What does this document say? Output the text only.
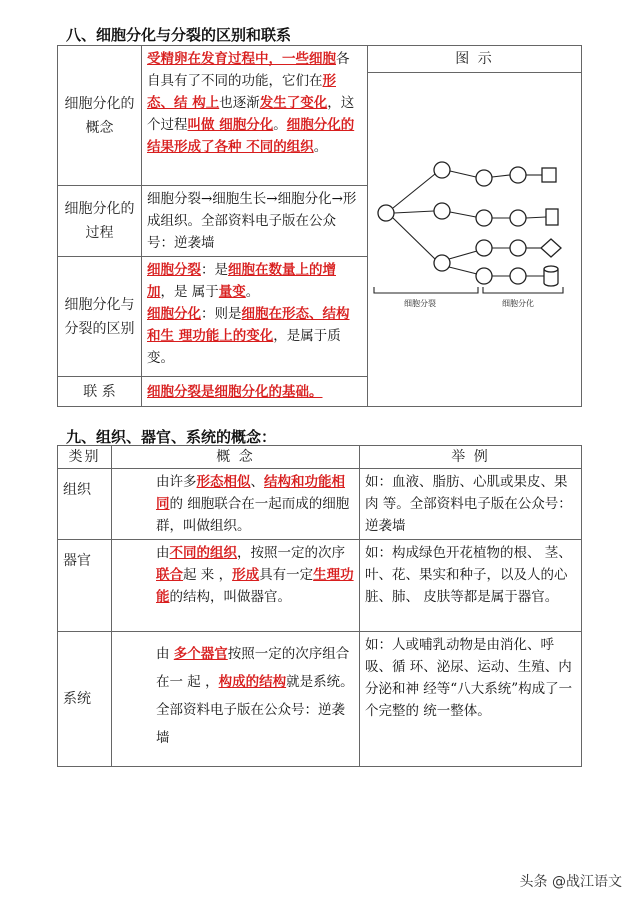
八、细胞分化与分裂的区别和联系
细胞分化的概念	受精卵在发育过程中，一些细胞各 自具有了不同的功能，它们在形态、结 构上也逐渐发生了变化，这个过程叫做 细胞分化。细胞分化的结果形成了各种 不同的组织。	图 示
细胞分裂 细胞分化

细胞分化的过程	细胞分裂→细胞生长→细胞分化→形 成组织。全部资料电子版在公众号：逆袭墙	
细胞分化与分裂的区别	细胞分裂：是细胞在数量上的增加，是 属于量变。
细胞分化：则是细胞在形态、结构和生 理功能上的变化，是属于质变。	
联 系	细胞分裂是细胞分化的基础。	
九、组织、器官、系统的概念：
类别	概 念	举 例
组织	由许多形态相似、结构和功能相同的 细胞联合在一起而成的细胞群，叫做组织。	如：血液、脂肪、心肌或果皮、果肉 等。全部资料电子版在公众号：逆袭墙
器官	由不同的组织，按照一定的次序联合起 来 ，形成具有一定生理功能的结构，叫做器官。	如：构成绿色开花植物的根、 茎、叶、花、果实和种子，以及人的心脏、肺、 皮肤等都是属于器官。
系统	由 多个器官按照一定的次序组合在一 起 ，构成的结构就是系统。全部资料电子版在公众号：逆袭墙	如：人或哺乳动物是由消化、呼吸、循 环、泌尿、运动、生殖、内分泌和神 经等“八大系统”构成了一个完整的 统一整体。
头条 @战江语文
